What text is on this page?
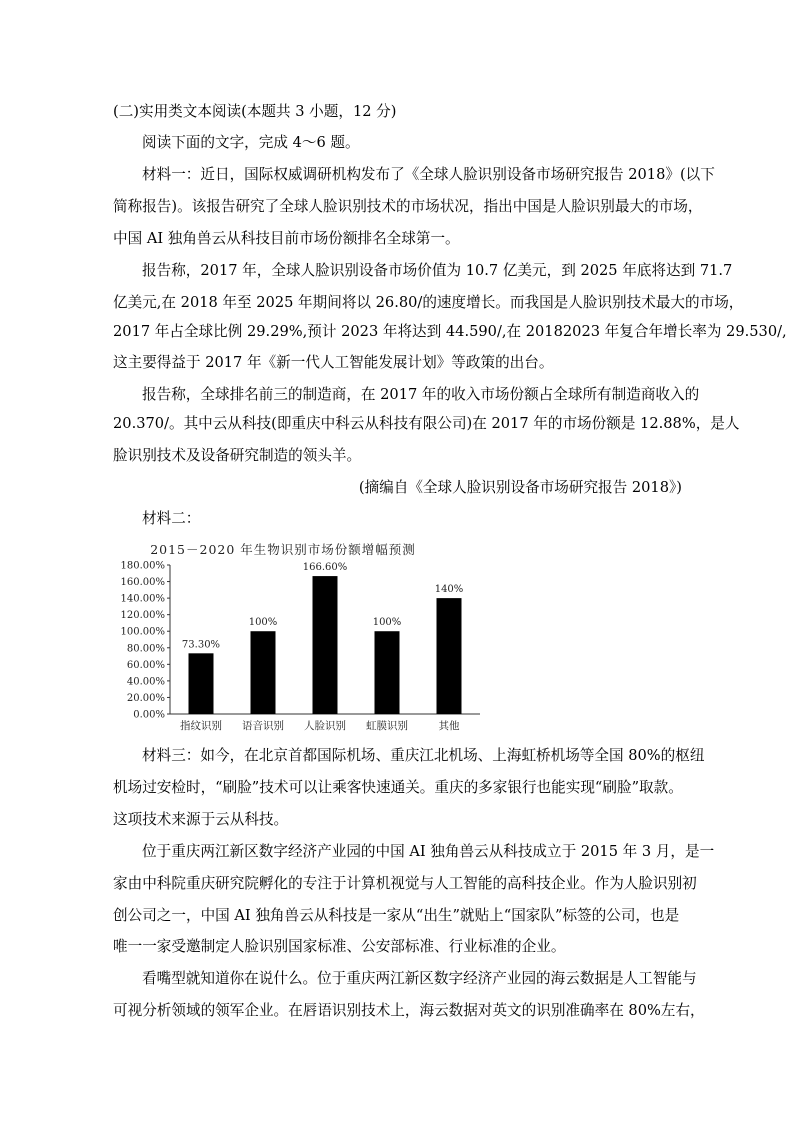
(二)实用类文本阅读(本题共 3 小题，12 分)
阅读下面的文字，完成 4～6 题。
材料一：近日，国际权威调研机构发布了《全球人脸识别设备市场研究报告 2018》(以下
简称报告)。该报告研究了全球人脸识别技术的市场状况，指出中国是人脸识别最大的市场，
中国 AI 独角兽云从科技目前市场份额排名全球第一。
报告称，2017 年，全球人脸识别设备市场价值为 10.7 亿美元，到 2025 年底将达到 71.7
亿美元,在 2018 年至 2025 年期间将以 26.80/的速度增长。而我国是人脸识别技术最大的市场，
2017 年占全球比例 29.29%,预计 2023 年将达到 44.590/,在 20182023 年复合年增长率为 29.530/,
这主要得益于 2017 年《新一代人工智能发展计划》等政策的出台。
报告称，全球排名前三的制造商，在 2017 年的收入市场份额占全球所有制造商收入的
20.370/。其中云从科技(即重庆中科云从科技有限公司)在 2017 年的市场份额是 12.88%，是人
脸识别技术及设备研究制造的领头羊。
(摘编自《全球人脸识别设备市场研究报告 2018》)
材料二：
2015－2020 年生物识别市场份额增幅预测
0.00%
20.00%
40.00%
60.00%
80.00%
100.00%
120.00%
140.00%
160.00%
180.00%
73.30%
指纹识别
100%
语音识别
166.60%
人脸识别
100%
虹膜识别
140%
其他
材料三：如今，在北京首都国际机场、重庆江北机场、上海虹桥机场等全国 80%的枢纽
机场过安检时，“刷脸”技术可以让乘客快速通关。重庆的多家银行也能实现“刷脸”取款。
这项技术来源于云从科技。
位于重庆两江新区数字经济产业园的中国 AI 独角兽云从科技成立于 2015 年 3 月，是一
家由中科院重庆研究院孵化的专注于计算机视觉与人工智能的高科技企业。作为人脸识别初
创公司之一，中国 AI 独角兽云从科技是一家从“出生”就贴上“国家队”标签的公司，也是
唯一一家受邀制定人脸识别国家标准、公安部标准、行业标准的企业。
看嘴型就知道你在说什么。位于重庆两江新区数字经济产业园的海云数据是人工智能与
可视分析领域的领军企业。在唇语识别技术上，海云数据对英文的识别准确率在 80%左右，
